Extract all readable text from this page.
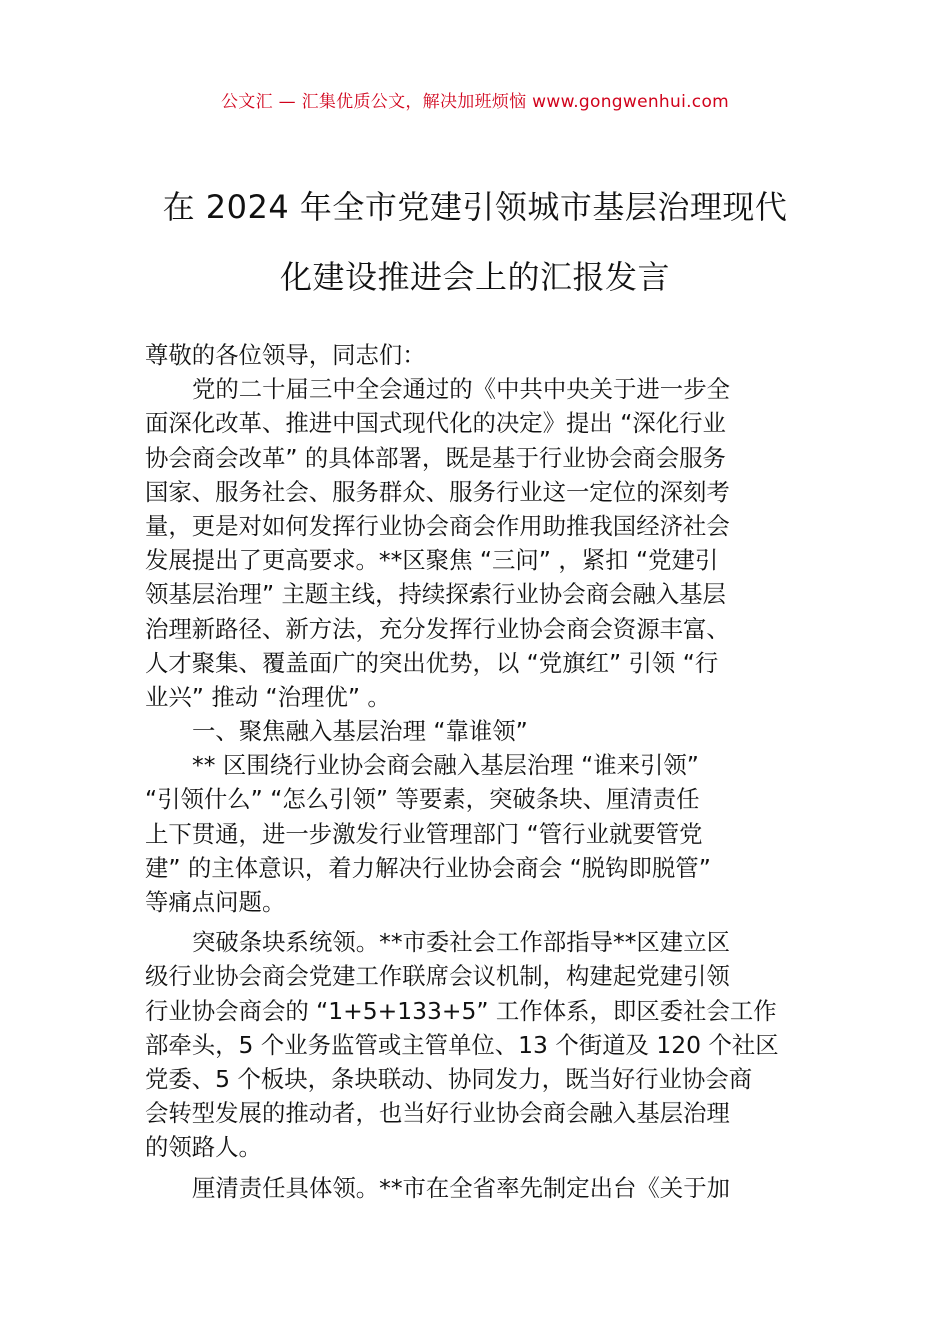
公文汇 — 汇集优质公文，解决加班烦恼 www.gongwenhui.com
在 2024 年全市党建引领城市基层治理现代
化建设推进会上的汇报发言
尊敬的各位领导，同志们：
党的二十届三中全会通过的《中共中央关于进一步全
面深化改革、推进中国式现代化的决定》提出 “深化行业
协会商会改革” 的具体部署，既是基于行业协会商会服务
国家、服务社会、服务群众、服务行业这一定位的深刻考
量，更是对如何发挥行业协会商会作用助推我国经济社会
发展提出了更高要求。**区聚焦 “三问” ，紧扣 “党建引
领基层治理” 主题主线，持续探索行业协会商会融入基层
治理新路径、新方法，充分发挥行业协会商会资源丰富、
人才聚集、覆盖面广的突出优势，以 “党旗红” 引领 “行
业兴” 推动 “治理优” 。
一、聚焦融入基层治理 “靠谁领”
** 区围绕行业协会商会融入基层治理 “谁来引领”
“引领什么” “怎么引领” 等要素，突破条块、厘清责任
上下贯通，进一步激发行业管理部门 “管行业就要管党
建” 的主体意识，着力解决行业协会商会 “脱钩即脱管”
等痛点问题。
突破条块系统领。**市委社会工作部指导**区建立区
级行业协会商会党建工作联席会议机制，构建起党建引领
行业协会商会的 “1+5+133+5” 工作体系，即区委社会工作
部牵头，5 个业务监管或主管单位、13 个街道及 120 个社区
党委、5 个板块，条块联动、协同发力，既当好行业协会商
会转型发展的推动者，也当好行业协会商会融入基层治理
的领路人。
厘清责任具体领。**市在全省率先制定出台《关于加
